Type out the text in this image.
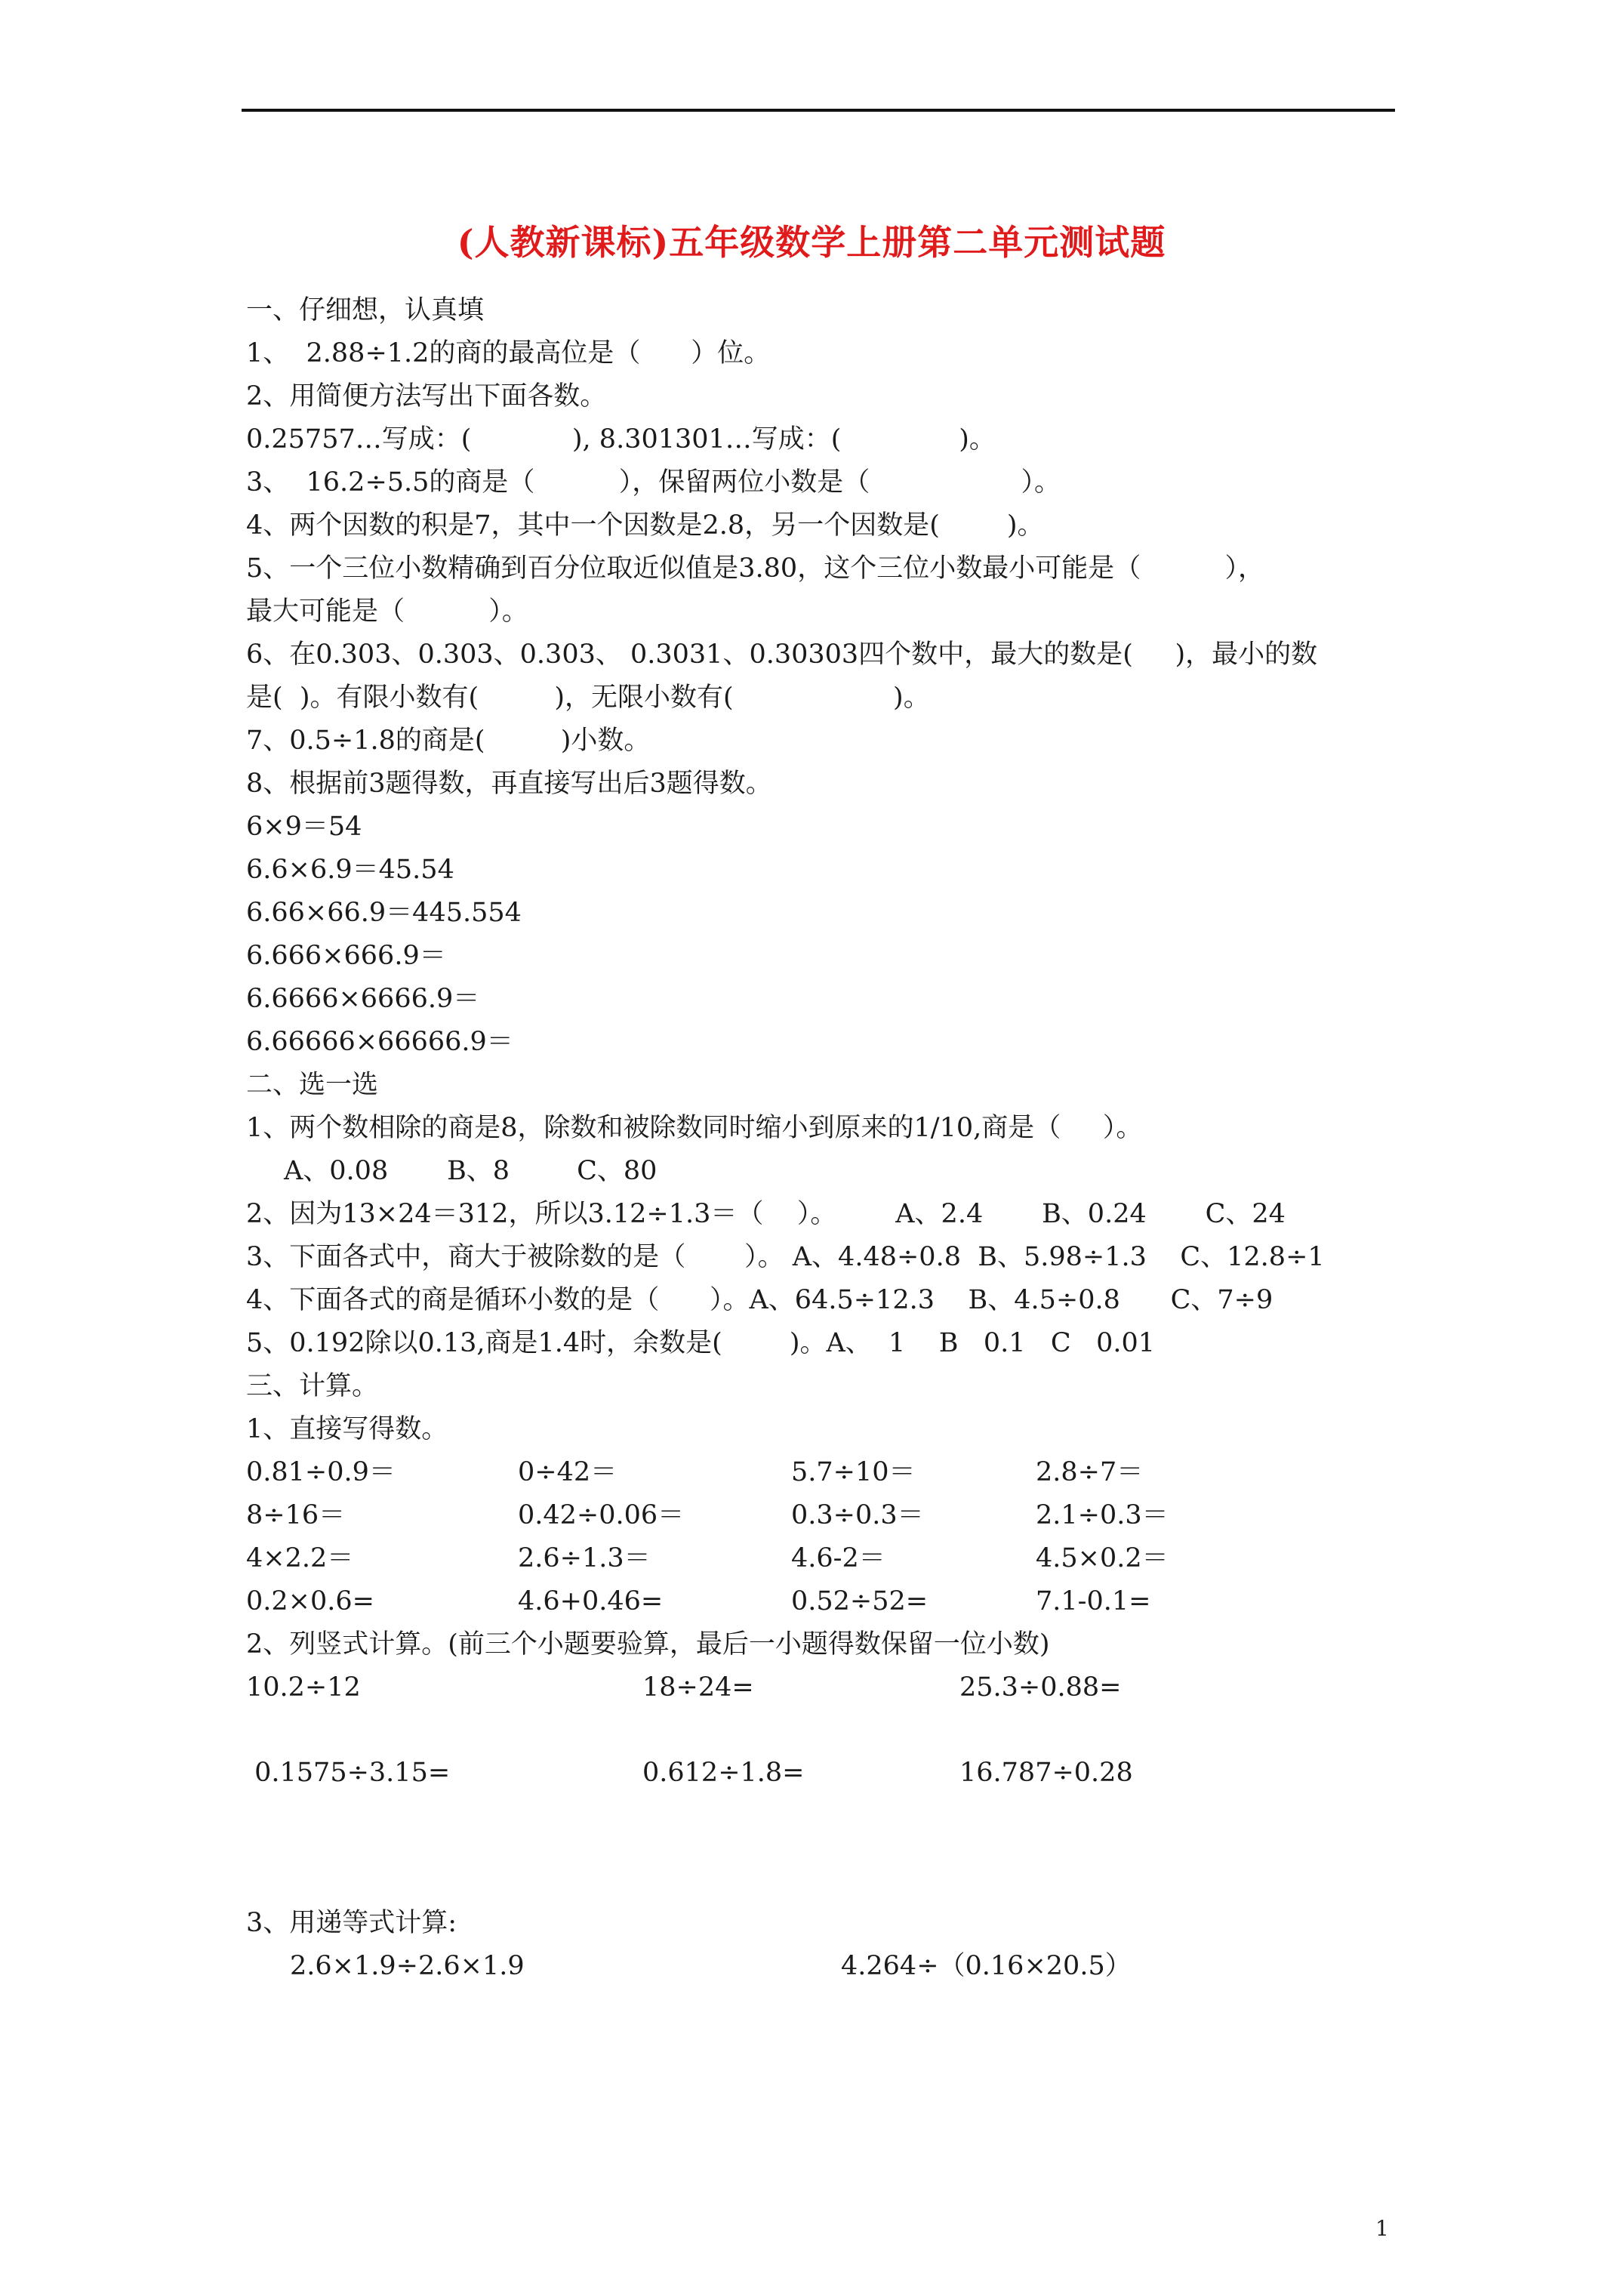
(人教新课标)五年级数学上册第二单元测试题
一、仔细想，认真填
1、  2.88÷1.2的商的最高位是（      ）位。
2、用简便方法写出下面各数。
0.25757…写成：(            ), 8.301301…写成：(              )。
3、  16.2÷5.5的商是（          ），保留两位小数是（                  ）。
4、两个因数的积是7，其中一个因数是2.8，另一个因数是(        )。
5、一个三位小数精确到百分位取近似值是3.80，这个三位小数最小可能是（          ），
最大可能是（          ）。
6、在0.303、0.303、0.303、 0.3031、0.30303四个数中，最大的数是(     )，最小的数
是(  )。有限小数有(         )，无限小数有(                   )。
7、0.5÷1.8的商是(         )小数。
8、根据前3题得数，再直接写出后3题得数。
6×9＝54
6.6×6.9＝45.54
6.66×66.9＝445.554
6.666×666.9＝
6.6666×6666.9＝
6.66666×66666.9＝
二、选一选
1、两个数相除的商是8，除数和被除数同时缩小到原来的1/10,商是（     ）。
A、0.08       B、8        C、80
2、因为13×24＝312，所以3.12÷1.3＝（    ）。       A、2.4       B、0.24       C、24
3、下面各式中，商大于被除数的是（       ）。 A、4.48÷0.8  B、5.98÷1.3    C、12.8÷1
4、下面各式的商是循环小数的是（      ）。A、64.5÷12.3    B、4.5÷0.8      C、7÷9
5、0.192除以0.13,商是1.4时，余数是(        )。A、  1    B   0.1   C   0.01
三、计算。
1、直接写得数。
0.81÷0.9＝	0÷42＝	5.7÷10＝	2.8÷7＝
8÷16＝	0.42÷0.06＝	0.3÷0.3＝	2.1÷0.3＝
4×2.2＝	2.6÷1.3＝	4.6-2＝	4.5×0.2＝
0.2×0.6=	4.6+0.46=	0.52÷52=	7.1-0.1=
2、列竖式计算。(前三个小题要验算，最后一小题得数保留一位小数)
10.2÷12	18÷24=	25.3÷0.88=
0.1575÷3.15=	0.612÷1.8=	16.787÷0.28
3、用递等式计算:
2.6×1.9÷2.6×1.9	4.264÷（0.16×20.5）
1
